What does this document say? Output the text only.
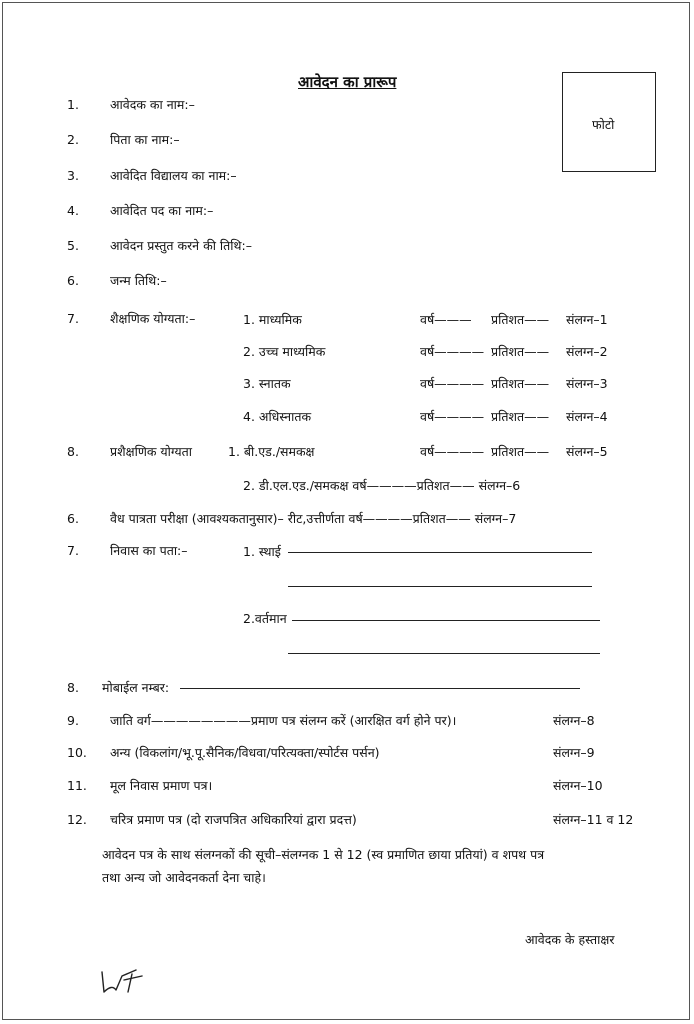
आवेदन का प्रारूप
फोटो
1. आवेदक का नाम:–
2. पिता का नाम:–
3. आवेदित विद्यालय का नाम:–
4. आवेदित पद का नाम:–
5. आवेदन प्रस्तुत करने की तिथि:–
6. जन्म तिथि:–
7. शैक्षणिक योग्यता:–	1. माध्यमिक	वर्ष——— प्रतिशत—— संलग्न–1
2. उच्च माध्यमिक	वर्ष———— प्रतिशत—— संलग्न–2
3. स्नातक	वर्ष———— प्रतिशत—— संलग्न–3
4. अधिस्नातक	वर्ष———— प्रतिशत—— संलग्न–4
8. प्रशैक्षणिक योग्यता	1. बी.एड./समकक्ष	वर्ष———— प्रतिशत—— संलग्न–5
2. डी.एल.एड./समकक्ष वर्ष————प्रतिशत—— संलग्न–6
6. वैध पात्रता परीक्षा (आवश्यकतानुसार)– रीट,उत्तीर्णता वर्ष————प्रतिशत—— संलग्न–7
7. निवास का पता:–	1. स्थाई
2.वर्तमान
8. मोबाईल नम्बर:
9. जाति वर्ग————————प्रमाण पत्र संलग्न करें (आरक्षित वर्ग होने पर)।	संलग्न–8
10. अन्य (विकलांग/भू.पू.सैनिक/विधवा/परित्यक्ता/स्पोर्टस पर्सन)	संलग्न–9
11. मूल निवास प्रमाण पत्र।	संलग्न–10
12. चरित्र प्रमाण पत्र (दो राजपत्रित अधिकारियां द्वारा प्रदत्त)	संलग्न–11 व 12
आवेदन पत्र के साथ संलग्नकों की सूची–संलग्नक 1 से 12 (स्व प्रमाणित छाया प्रतियां) व शपथ पत्र
तथा अन्य जो आवेदनकर्ता देना चाहे।
आवेदक के हस्ताक्षर
